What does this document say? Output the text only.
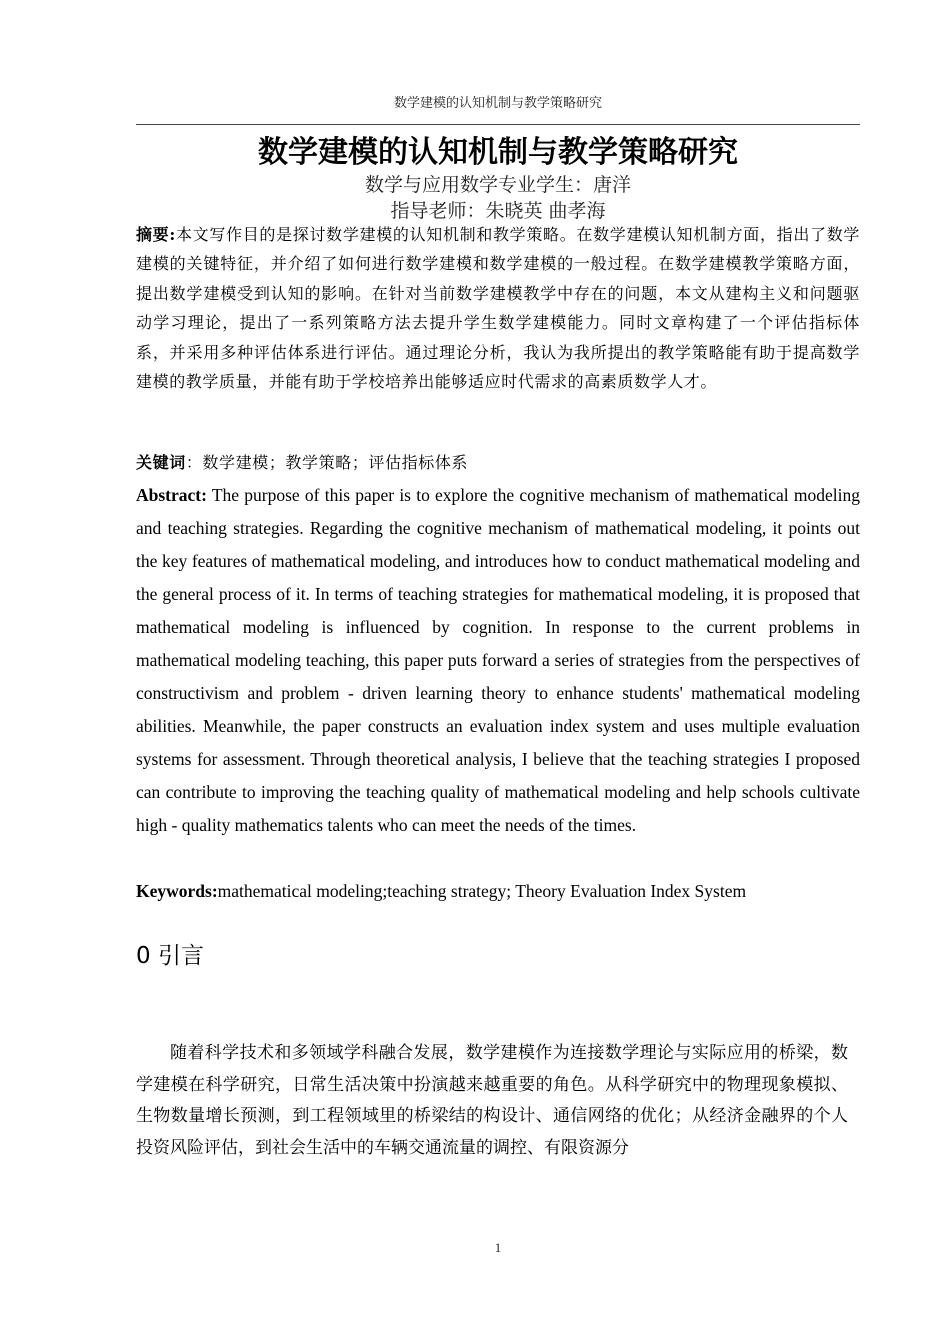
数学建模的认知机制与教学策略研究
数学建模的认知机制与教学策略研究
数学与应用数学专业学生：唐洋
指导老师：朱晓英 曲孝海

摘要:本文写作目的是探讨数学建模的认知机制和教学策略。在数学建模认知机制方面，指出了数学建模的关键特征，并介绍了如何进行数学建模和数学建模的一般过程。在数学建模教学策略方面，提出数学建模受到认知的影响。在针对当前数学建模教学中存在的问题，本文从建构主义和问题驱动学习理论，提出了一系列策略方法去提升学生数学建模能力。同时文章构建了一个评估指标体系，并采用多种评估体系进行评估。通过理论分析，我认为我所提出的教学策略能有助于提高数学建模的教学质量，并能有助于学校培养出能够适应时代需求的高素质数学人才。

关键词：数学建模；教学策略；评估指标体系

Abstract: The purpose of this paper is to explore the cognitive mechanism of mathematical modeling and teaching strategies. Regarding the cognitive mechanism of mathematical modeling, it points out the key features of mathematical modeling, and introduces how to conduct mathematical modeling and the general process of it. In terms of teaching strategies for mathematical modeling, it is proposed that mathematical modeling is influenced by cognition. In response to the current problems in mathematical modeling teaching, this paper puts forward a series of strategies from the perspectives of constructivism and problem - driven learning theory to enhance students' mathematical modeling abilities. Meanwhile, the paper constructs an evaluation index system and uses multiple evaluation systems for assessment. Through theoretical analysis, I believe that the teaching strategies I proposed can contribute to improving the teaching quality of mathematical modeling and help schools cultivate high - quality mathematics talents who can meet the needs of the times.

Keywords:mathematical modeling;teaching strategy; Theory Evaluation Index System

0 引言

随着科学技术和多领域学科融合发展，数学建模作为连接数学理论与实际应用的桥梁，数学建模在科学研究，日常生活决策中扮演越来越重要的角色。从科学研究中的物理现象模拟、生物数量增长预测，到工程领域里的桥梁结的构设计、通信网络的优化；从经济金融界的个人投资风险评估，到社会生活中的车辆交通流量的调控、有限资源分

1
